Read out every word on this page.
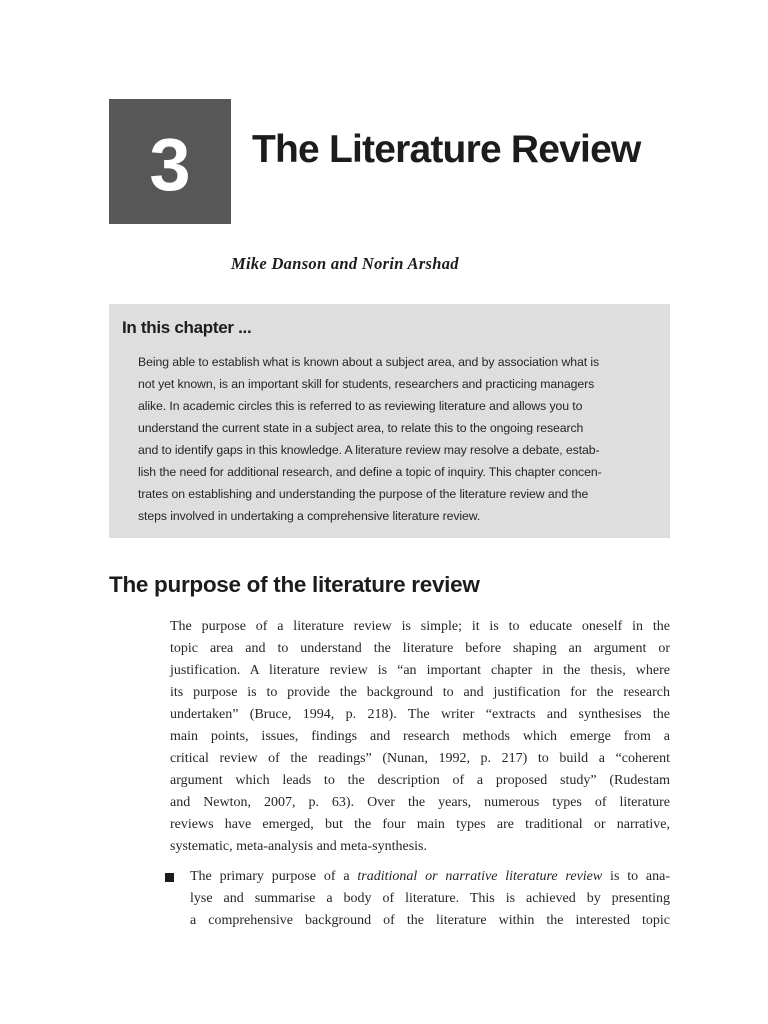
3 The Literature Review
Mike Danson and Norin Arshad
In this chapter ...
Being able to establish what is known about a subject area, and by association what is
not yet known, is an important skill for students, researchers and practicing managers
alike. In academic circles this is referred to as reviewing literature and allows you to
understand the current state in a subject area, to relate this to the ongoing research
and to identify gaps in this knowledge. A literature review may resolve a debate, estab-
lish the need for additional research, and define a topic of inquiry. This chapter concen-
trates on establishing and understanding the purpose of the literature review and the
steps involved in undertaking a comprehensive literature review.
The purpose of the literature review
The purpose of a literature review is simple; it is to educate oneself in the
topic area and to understand the literature before shaping an argument or
justification. A literature review is “an important chapter in the thesis, where
its purpose is to provide the background to and justification for the research
undertaken” (Bruce, 1994, p. 218). The writer “extracts and synthesises the
main points, issues, findings and research methods which emerge from a
critical review of the readings” (Nunan, 1992, p. 217) to build a “coherent
argument which leads to the description of a proposed study” (Rudestam
and Newton, 2007, p. 63). Over the years, numerous types of literature
reviews have emerged, but the four main types are traditional or narrative,
systematic, meta-analysis and meta-synthesis.
The primary purpose of a traditional or narrative literature review is to ana-
lyse and summarise a body of literature. This is achieved by presenting
a comprehensive background of the literature within the interested topic
